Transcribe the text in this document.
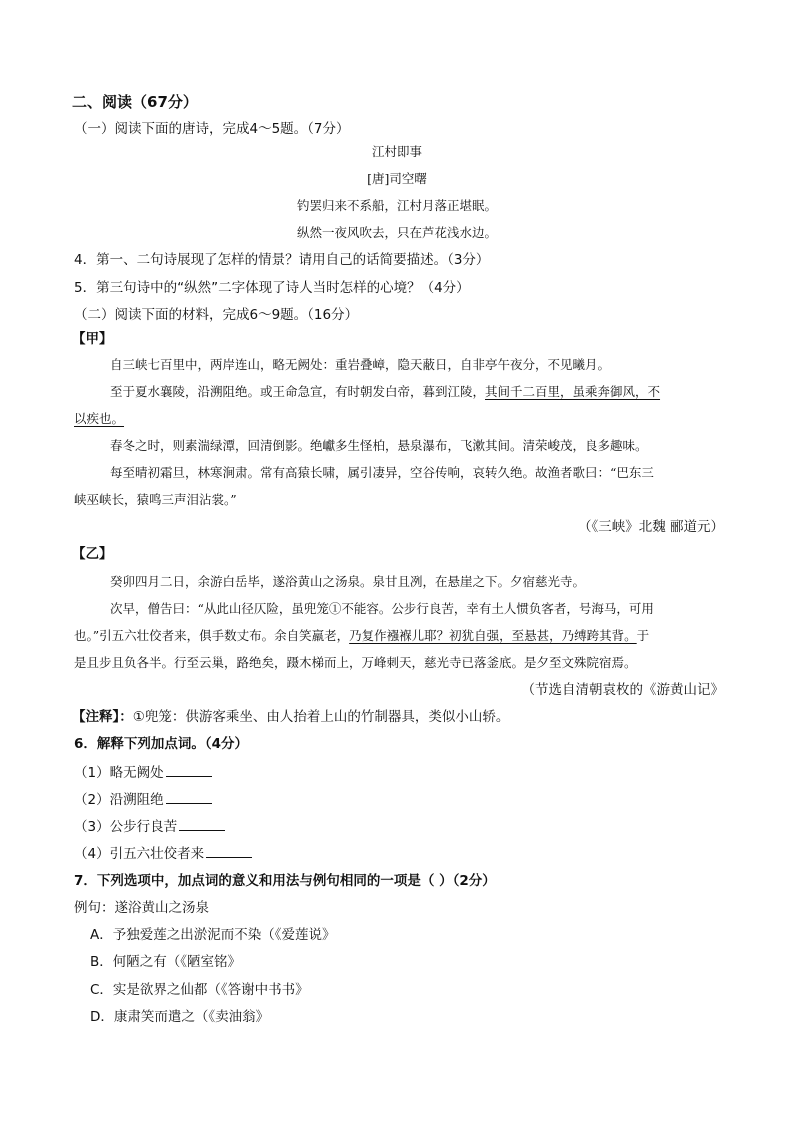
二、阅读（67分）
（一）阅读下面的唐诗，完成4～5题。（7分）
江村即事
[唐]司空曙
钓罢归来不系船，江村月落正堪眠。
纵然一夜风吹去，只在芦花浅水边。
4．第一、二句诗展现了怎样的情景？请用自己的话简要描述。（3分）
5．第三句诗中的“纵然”二字体现了诗人当时怎样的心境？（4分）
（二）阅读下面的材料，完成6～9题。（16分）
【甲】
自三峡七百里中，两岸连山，略无阙处：重岩叠嶂，隐天蔽日，自非亭午夜分，不见曦月。
至于夏水襄陵，沿溯阻绝。或王命急宣，有时朝发白帝，暮到江陵，其间千二百里，虽乘奔御风，不
以疾也。
春冬之时，则素湍绿潭，回清倒影。绝巘多生怪柏，悬泉瀑布，飞漱其间。清荣峻茂，良多趣味。
每至晴初霜旦，林寒涧肃。常有高猿长啸，属引凄异，空谷传响，哀转久绝。故渔者歌曰：“巴东三
峡巫峡长，猿鸣三声泪沾裳。”
（《三峡》北魏 郦道元）
【乙】
癸卯四月二日，余游白岳毕，遂浴黄山之汤泉。泉甘且冽，在悬崖之下。夕宿慈光寺。
次早，僧告曰：“从此山径仄险，虽兜笼①不能容。公步行良苦，幸有土人惯负客者，号海马，可用
也。”引五六壮佼者来，俱手数丈布。余自笑羸老，乃复作襁褓儿耶？初犹自强，至悬甚，乃缚跨其背。于
是且步且负各半。行至云巢，路绝矣，蹑木梯而上，万峰刺天，慈光寺已落釜底。是夕至文殊院宿焉。
（节选自清朝袁枚的《游黄山记》
【注释】：①兜笼：供游客乘坐、由人抬着上山的竹制器具，类似小山轿。
6．解释下列加点词。（4分）
（1）略无阙处
（2）沿溯阻绝
（3）公步行良苦
（4）引五六壮佼者来
7．下列选项中，加点词的意义和用法与例句相同的一项是（ ）（2分）
例句：遂浴黄山之汤泉
A．予独爱莲之出淤泥而不染（《爱莲说》
B．何陋之有（《陋室铭》
C．实是欲界之仙都（《答谢中书书》
D．康肃笑而遣之（《卖油翁》
